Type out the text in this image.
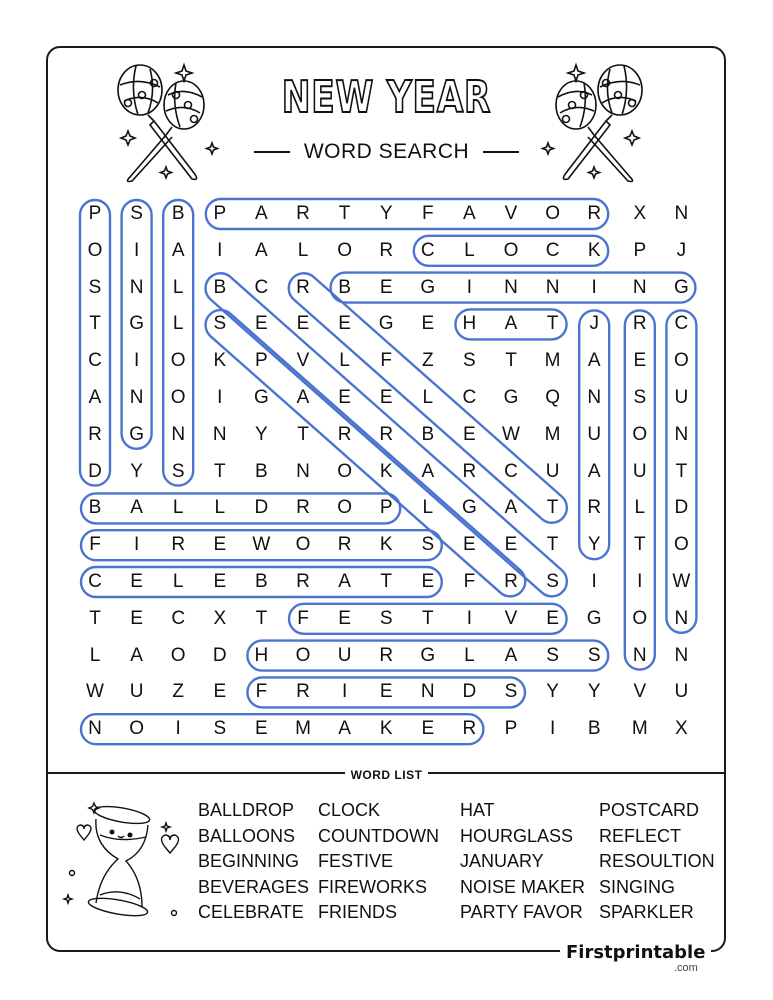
NEW YEAR
WORD SEARCH
P	S	B	P	A	R	T	Y	F	A	V	O	R	X	N
O	I	A	I	A	L	O	R	C	L	O	C	K	P	J
S	N	L	B	C	R	B	E	G	I	N	N	I	N	G
T	G	L	S	E	E	E	G	E	H	A	T	J	R	C
C	I	O	K	P	V	L	F	Z	S	T	M	A	E	O
A	N	O	I	G	A	E	E	L	C	G	Q	N	S	U
R	G	N	N	Y	T	R	R	B	E	W	M	U	O	N
D	Y	S	T	B	N	O	K	A	R	C	U	A	U	T
B	A	L	L	D	R	O	P	L	G	A	T	R	L	D
F	I	R	E	W	O	R	K	S	E	E	T	Y	T	O
C	E	L	E	B	R	A	T	E	F	R	S	I	I	W
T	E	C	X	T	F	E	S	T	I	V	E	G	O	N
L	A	O	D	H	O	U	R	G	L	A	S	S	N	N
W	U	Z	E	F	R	I	E	N	D	S	Y	Y	V	U
N	O	I	S	E	M	A	K	E	R	P	I	B	M	X
WORD LIST
BALLDROP
BALLOONS
BEGINNING
BEVERAGES
CELEBRATE
CLOCK
COUNTDOWN
FESTIVE
FIREWORKS
FRIENDS
HAT
HOURGLASS
JANUARY
NOISE MAKER
PARTY FAVOR
POSTCARD
REFLECT
RESOULTION
SINGING
SPARKLER
Firstprintable
.com
